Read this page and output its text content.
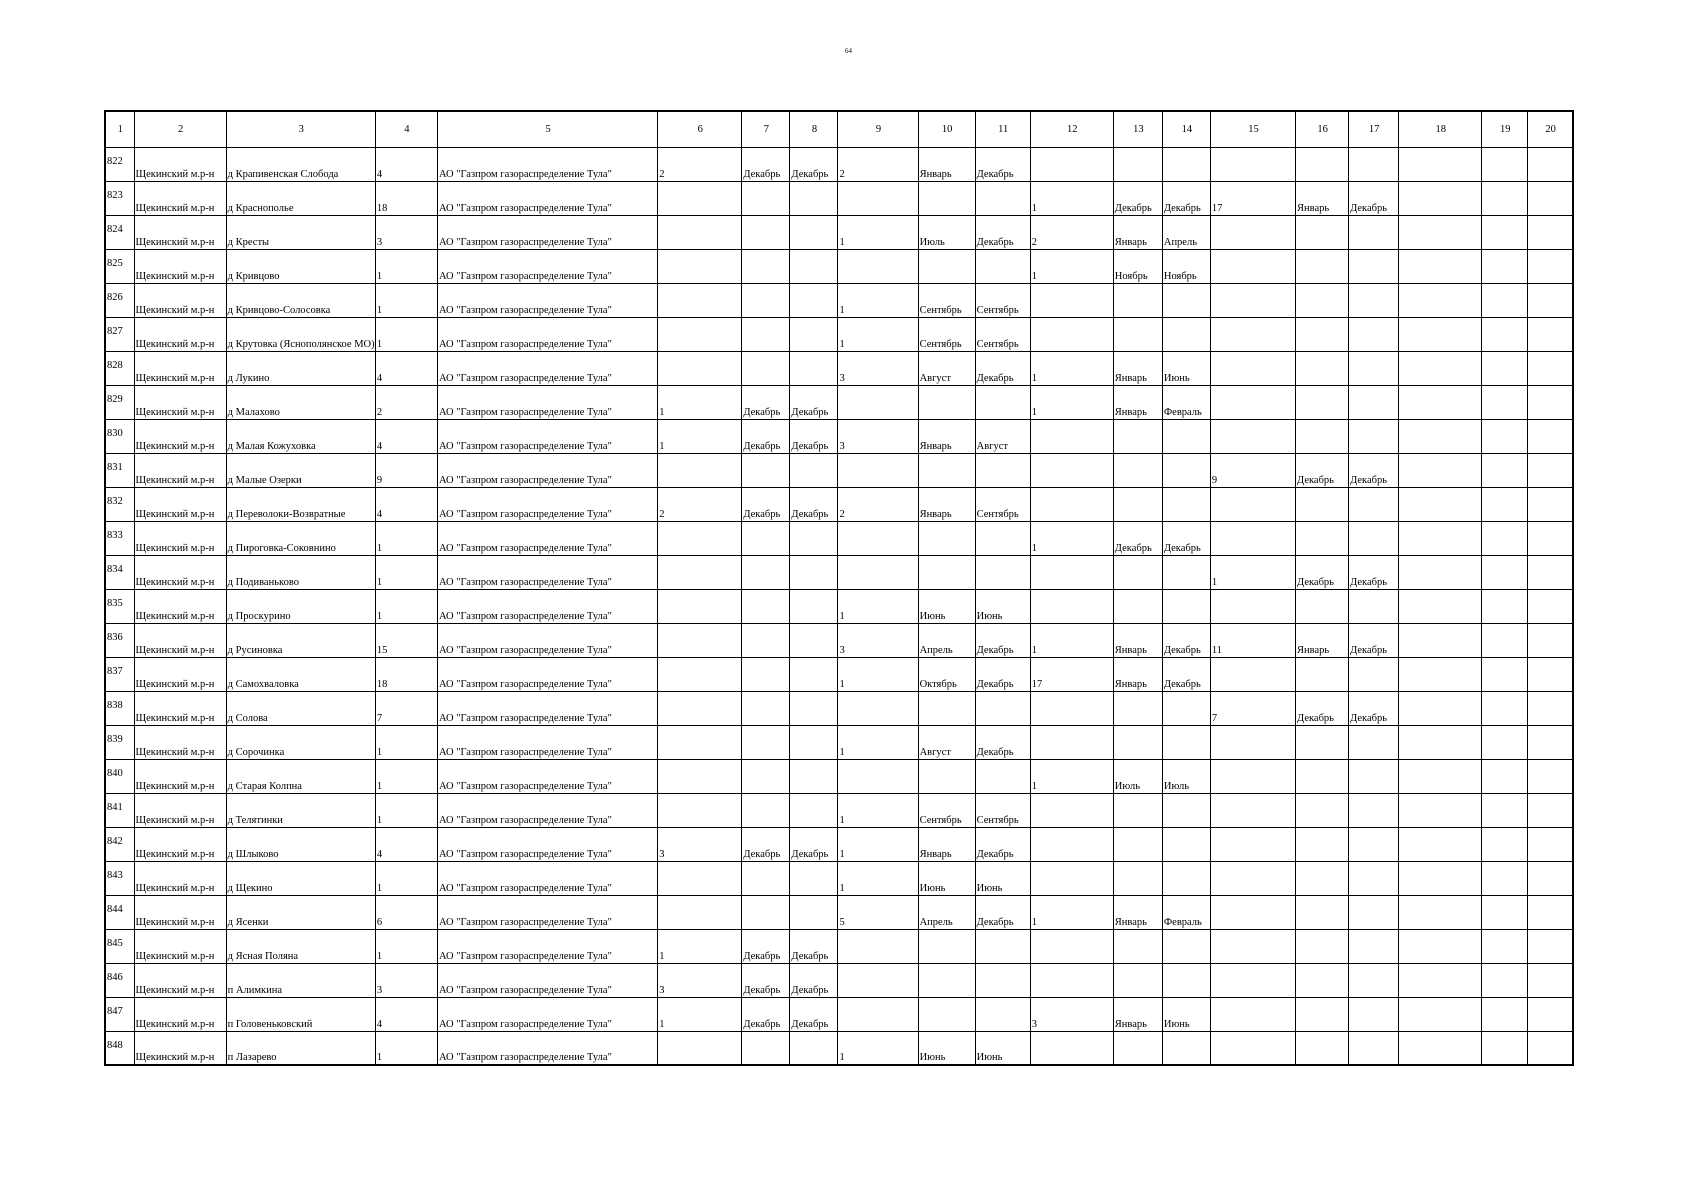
64
1	2	3	4	5	6	7	8	9	10	11	12	13	14	15	16	17	18	19	20
822	Щекинский м.р-н	д Крапивенская Слобода	4	АО "Газпром газораспределение Тула"	2	Декабрь	Декабрь	2	Январь	Декабрь									
823	Щекинский м.р-н	д Краснополье	18	АО "Газпром газораспределение Тула"							1	Декабрь	Декабрь	17	Январь	Декабрь			
824	Щекинский м.р-н	д Кресты	3	АО "Газпром газораспределение Тула"				1	Июль	Декабрь	2	Январь	Апрель						
825	Щекинский м.р-н	д Кривцово	1	АО "Газпром газораспределение Тула"							1	Ноябрь	Ноябрь						
826	Щекинский м.р-н	д Кривцово-Солосовка	1	АО "Газпром газораспределение Тула"				1	Сентябрь	Сентябрь									
827	Щекинский м.р-н	д Крутовка (Яснополянское МО)	1	АО "Газпром газораспределение Тула"				1	Сентябрь	Сентябрь									
828	Щекинский м.р-н	д Лукино	4	АО "Газпром газораспределение Тула"				3	Август	Декабрь	1	Январь	Июнь						
829	Щекинский м.р-н	д Малахово	2	АО "Газпром газораспределение Тула"	1	Декабрь	Декабрь				1	Январь	Февраль						
830	Щекинский м.р-н	д Малая Кожуховка	4	АО "Газпром газораспределение Тула"	1	Декабрь	Декабрь	3	Январь	Август									
831	Щекинский м.р-н	д Малые Озерки	9	АО "Газпром газораспределение Тула"										9	Декабрь	Декабрь			
832	Щекинский м.р-н	д Переволоки-Возвратные	4	АО "Газпром газораспределение Тула"	2	Декабрь	Декабрь	2	Январь	Сентябрь									
833	Щекинский м.р-н	д Пироговка-Соковнино	1	АО "Газпром газораспределение Тула"							1	Декабрь	Декабрь						
834	Щекинский м.р-н	д Подиваньково	1	АО "Газпром газораспределение Тула"										1	Декабрь	Декабрь			
835	Щекинский м.р-н	д Проскурино	1	АО "Газпром газораспределение Тула"				1	Июнь	Июнь									
836	Щекинский м.р-н	д Русиновка	15	АО "Газпром газораспределение Тула"				3	Апрель	Декабрь	1	Январь	Декабрь	11	Январь	Декабрь			
837	Щекинский м.р-н	д Самохваловка	18	АО "Газпром газораспределение Тула"				1	Октябрь	Декабрь	17	Январь	Декабрь						
838	Щекинский м.р-н	д Солова	7	АО "Газпром газораспределение Тула"										7	Декабрь	Декабрь			
839	Щекинский м.р-н	д Сорочинка	1	АО "Газпром газораспределение Тула"				1	Август	Декабрь									
840	Щекинский м.р-н	д Старая Колпна	1	АО "Газпром газораспределение Тула"							1	Июль	Июль						
841	Щекинский м.р-н	д Телятинки	1	АО "Газпром газораспределение Тула"				1	Сентябрь	Сентябрь									
842	Щекинский м.р-н	д Шлыково	4	АО "Газпром газораспределение Тула"	3	Декабрь	Декабрь	1	Январь	Декабрь									
843	Щекинский м.р-н	д Щекино	1	АО "Газпром газораспределение Тула"				1	Июнь	Июнь									
844	Щекинский м.р-н	д Ясенки	6	АО "Газпром газораспределение Тула"				5	Апрель	Декабрь	1	Январь	Февраль						
845	Щекинский м.р-н	д Ясная Поляна	1	АО "Газпром газораспределение Тула"	1	Декабрь	Декабрь												
846	Щекинский м.р-н	п Алимкина	3	АО "Газпром газораспределение Тула"	3	Декабрь	Декабрь												
847	Щекинский м.р-н	п Головеньковский	4	АО "Газпром газораспределение Тула"	1	Декабрь	Декабрь				3	Январь	Июнь						
848	Щекинский м.р-н	п Лазарево	1	АО "Газпром газораспределение Тула"				1	Июнь	Июнь									
